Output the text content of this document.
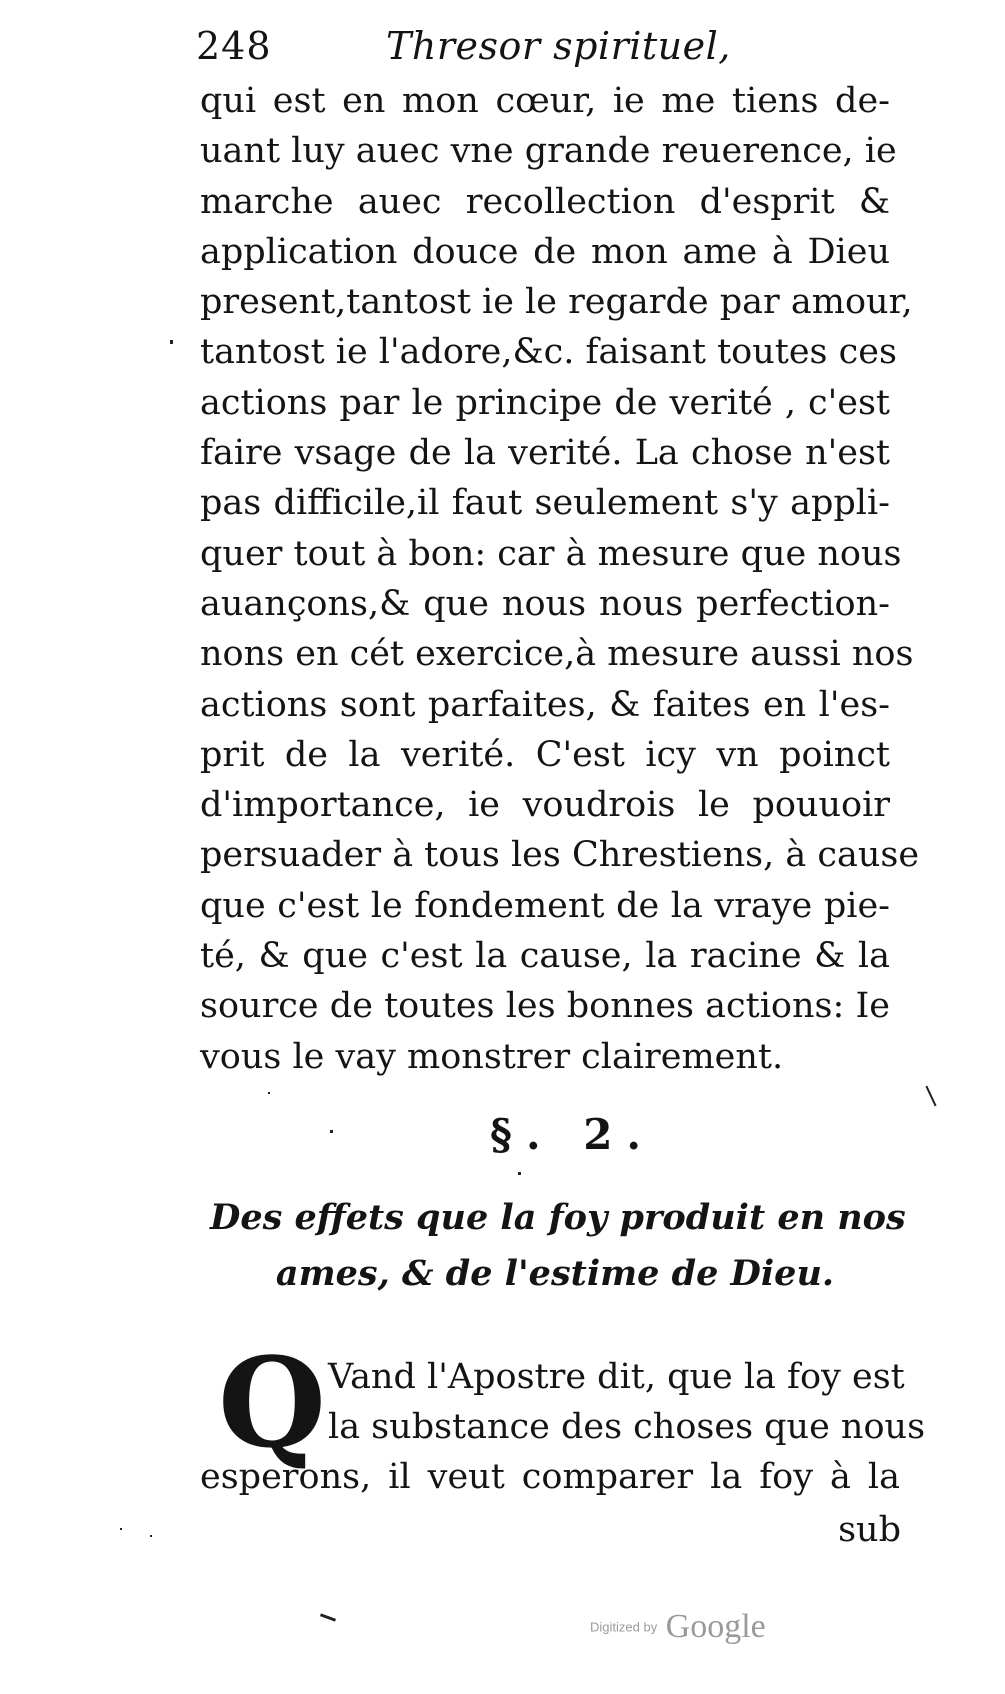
248	Thresor spirituel,
qui est en mon cœur, ie me tiens de-
uant luy auec vne grande reuerence, ie
marche auec recollection d'esprit &
application douce de mon ame à Dieu
present,tantost ie le regarde par amour,
tantost ie l'adore,&c. faisant toutes ces
actions par le principe de verité , c'est
faire vsage de la verité. La chose n'est
pas difficile,il faut seulement s'y appli-
quer tout à bon: car à mesure que nous
auançons,& que nous nous perfection-
nons en cét exercice,à mesure aussi nos
actions sont parfaites, & faites en l'es-
prit de la verité. C'est icy vn poinct
d'importance, ie voudrois le pouuoir
persuader à tous les Chrestiens, à cause
que c'est le fondement de la vraye pie-
té, & que c'est la cause, la racine & la
source de toutes les bonnes actions: Ie
vous le vay monstrer clairement.
§. 2.
Des effets que la foy produit en nos
ames, & de l'estime de Dieu.
Q Vand l'Apostre dit, que la foy est
la substance des choses que nous
esperons, il veut comparer la foy à la
sub
Digitized by Google
